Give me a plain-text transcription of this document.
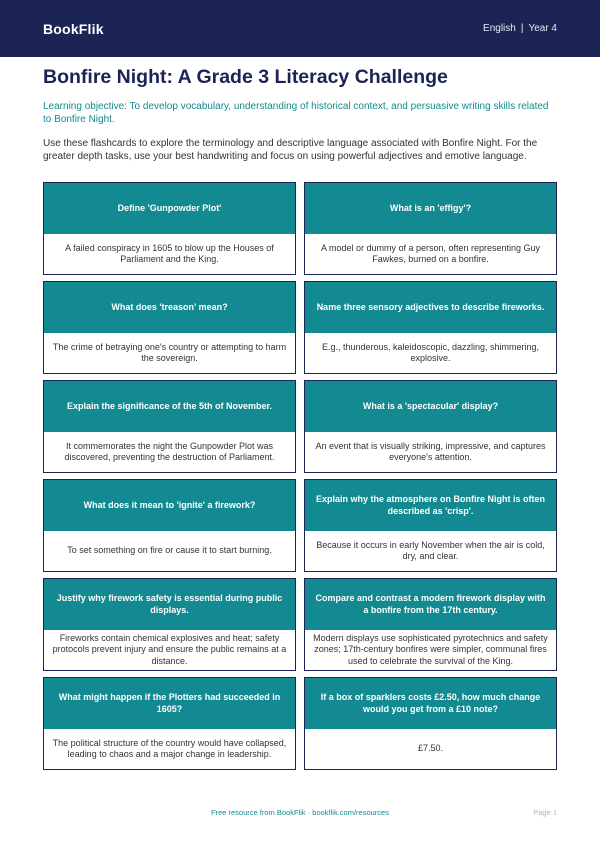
BookFlik	English | Year 4
Bonfire Night: A Grade 3 Literacy Challenge

Learning objective: To develop vocabulary, understanding of historical context, and persuasive writing skills related to Bonfire Night.

Use these flashcards to explore the terminology and descriptive language associated with Bonfire Night. For the greater depth tasks, use your best handwriting and focus on using powerful adjectives and emotive language.

Define 'Gunpowder Plot'
A failed conspiracy in 1605 to blow up the Houses of Parliament and the King.
What is an 'effigy'?
A model or dummy of a person, often representing Guy Fawkes, burned on a bonfire.
What does 'treason' mean?
The crime of betraying one's country or attempting to harm the sovereign.
Name three sensory adjectives to describe fireworks.
E.g., thunderous, kaleidoscopic, dazzling, shimmering, explosive.
Explain the significance of the 5th of November.
It commemorates the night the Gunpowder Plot was discovered, preventing the destruction of Parliament.
What is a 'spectacular' display?
An event that is visually striking, impressive, and captures everyone's attention.
What does it mean to 'ignite' a firework?
To set something on fire or cause it to start burning.
Explain why the atmosphere on Bonfire Night is often described as 'crisp'.
Because it occurs in early November when the air is cold, dry, and clear.
Justify why firework safety is essential during public displays.
Fireworks contain chemical explosives and heat; safety protocols prevent injury and ensure the public remains at a distance.
Compare and contrast a modern firework display with a bonfire from the 17th century.
Modern displays use sophisticated pyrotechnics and safety zones; 17th-century bonfires were simpler, communal fires used to celebrate the survival of the King.
What might happen if the Plotters had succeeded in 1605?
The political structure of the country would have collapsed, leading to chaos and a major change in leadership.
If a box of sparklers costs £2.50, how much change would you get from a £10 note?
£7.50.
Free resource from BookFlik · bookflik.com/resources	Page 1
